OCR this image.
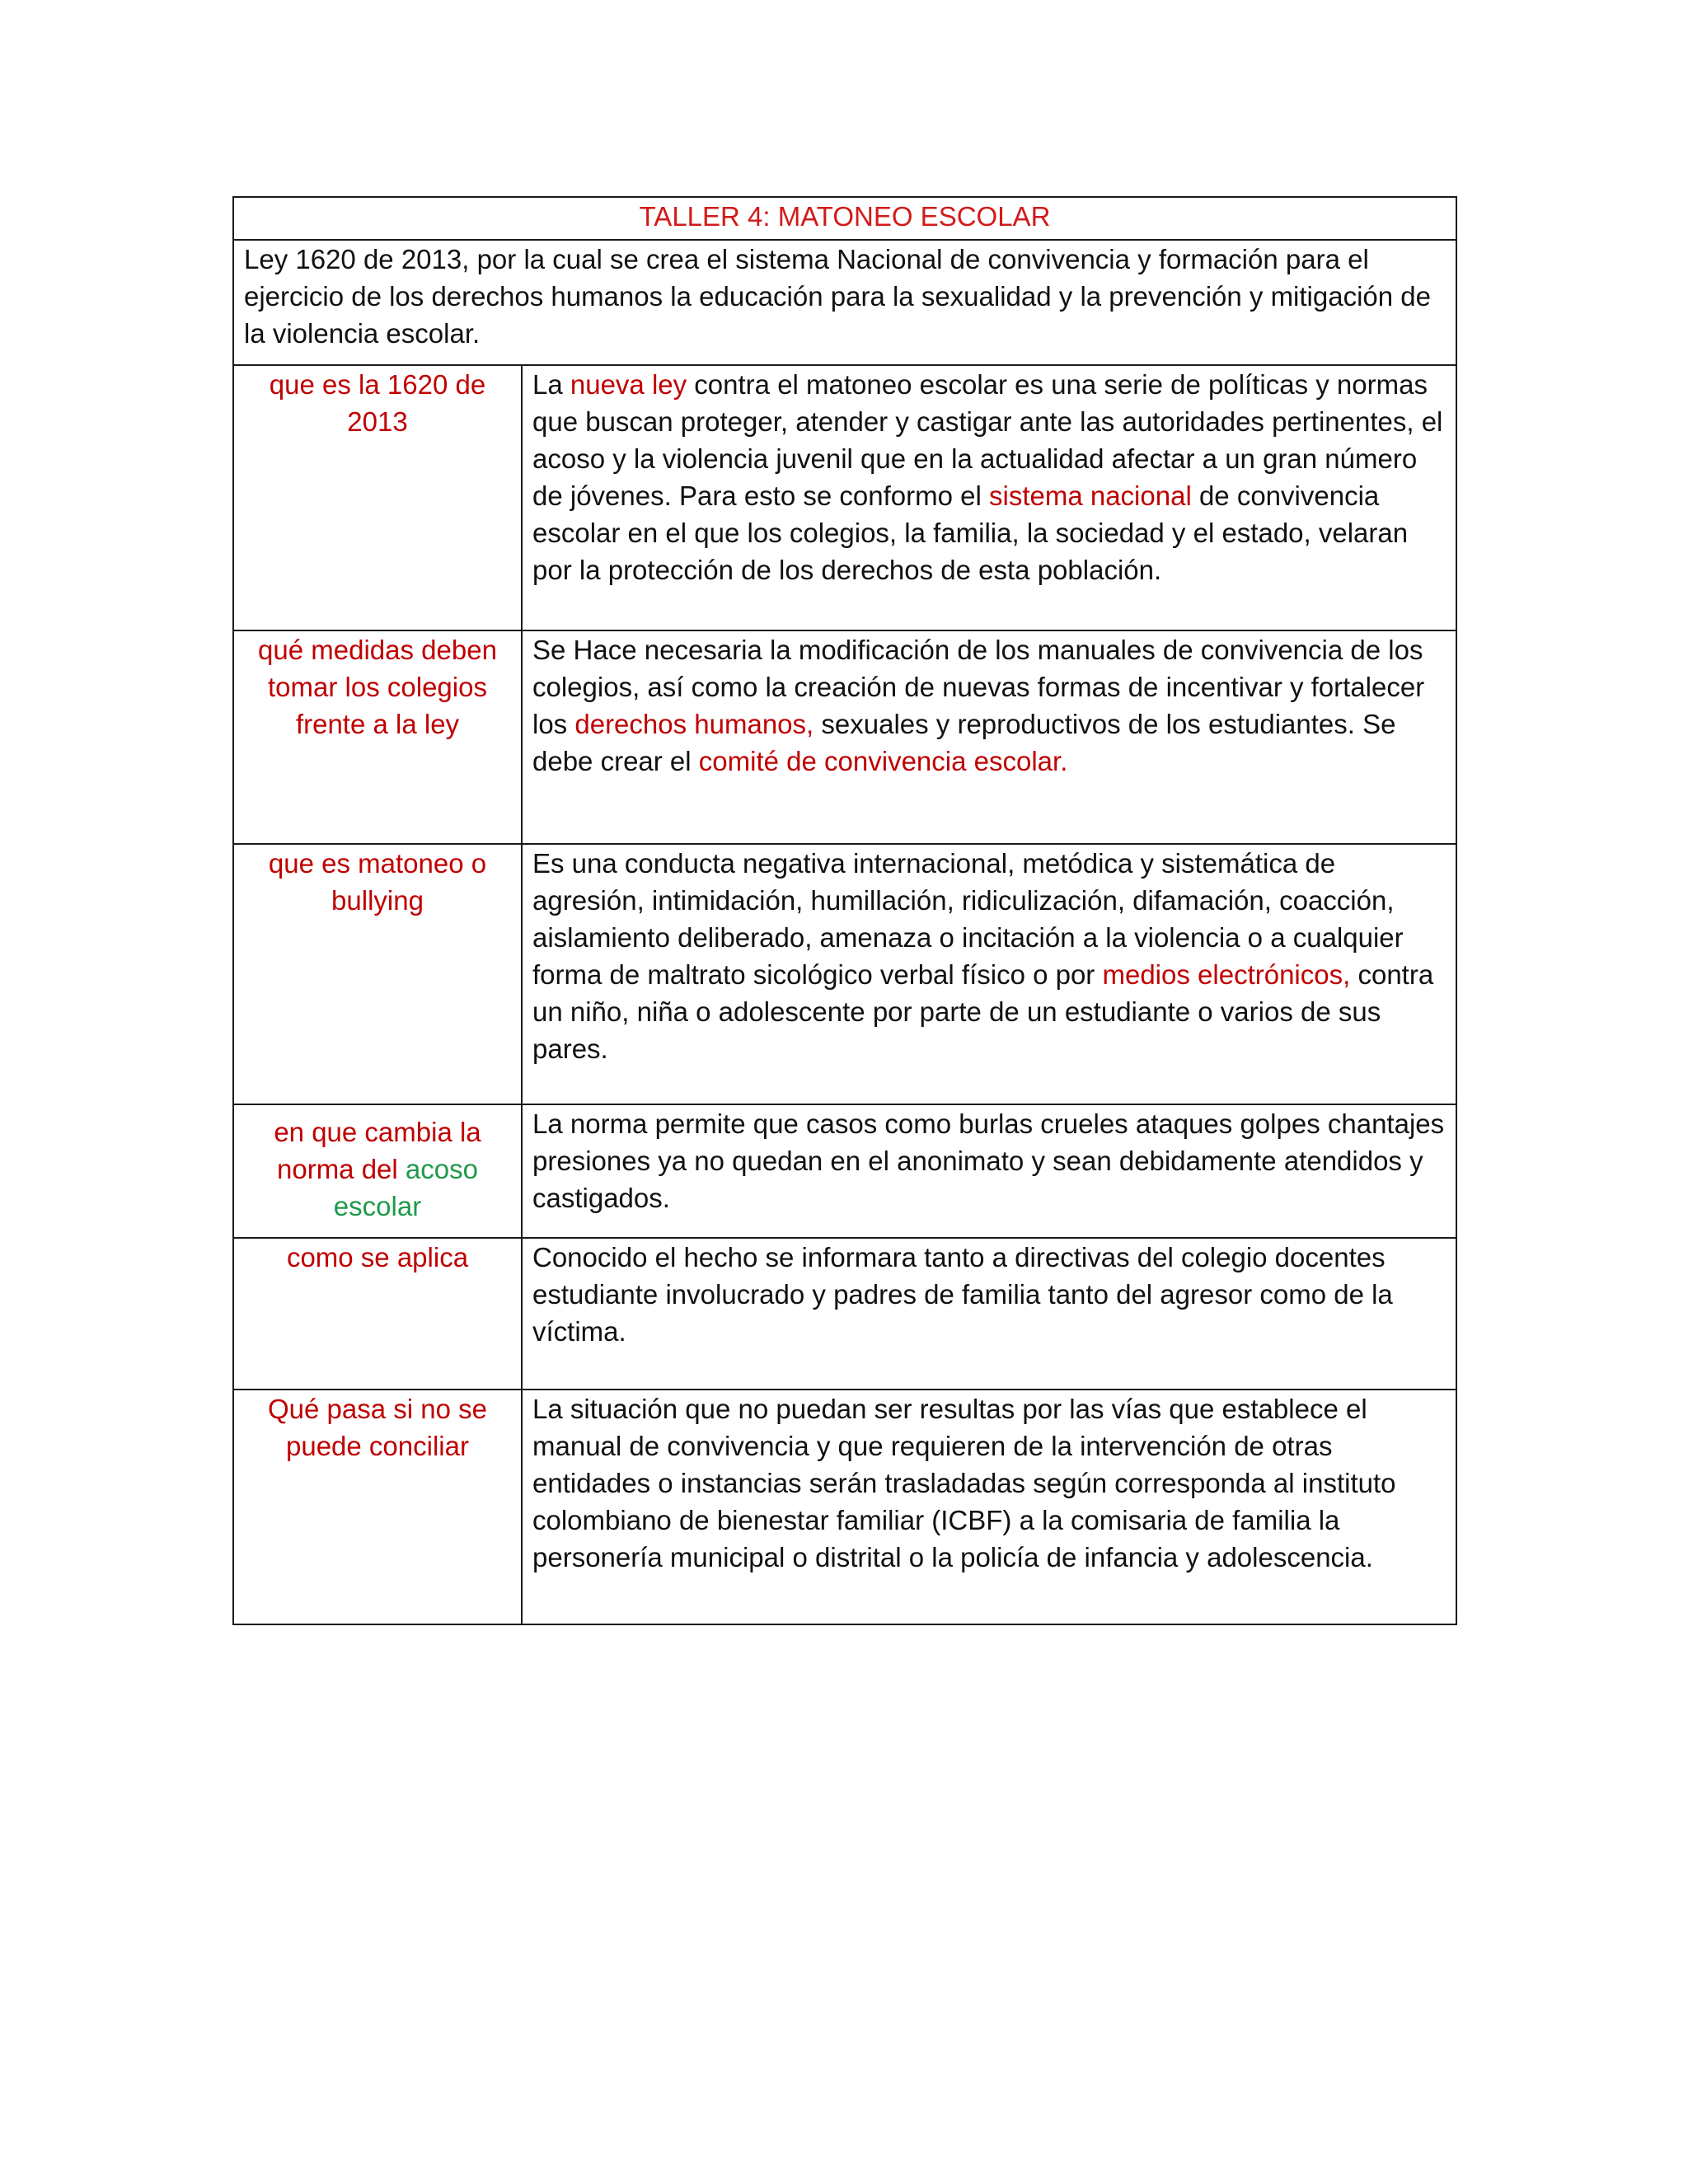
TALLER 4: MATONEO ESCOLAR	
Ley 1620 de 2013, por la cual se crea el sistema Nacional de convivencia y formación para el ejercicio de los derechos humanos la educación para la sexualidad y la prevención y mitigación de la violencia escolar.	
que es la 1620 de 2013	La nueva ley contra el matoneo escolar es una serie de políticas y normas que buscan proteger, atender y castigar ante las autoridades pertinentes, el acoso y la violencia juvenil que en la actualidad afectar a un gran número de jóvenes. Para esto se conformo el sistema nacional de convivencia escolar en el que los colegios, la familia, la sociedad y el estado, velaran por la protección de los derechos de esta población.
qué medidas deben tomar los colegios frente a la ley	Se Hace necesaria la modificación de los manuales de convivencia de los colegios, así como la creación de nuevas formas de incentivar y fortalecer los derechos humanos, sexuales y reproductivos de los estudiantes. Se debe crear el comité de convivencia escolar.
que es matoneo o bullying	Es una conducta negativa internacional, metódica y sistemática de agresión, intimidación, humillación, ridiculización, difamación, coacción, aislamiento deliberado, amenaza o incitación a la violencia o a cualquier forma de maltrato sicológico verbal físico o por medios electrónicos, contra un niño, niña o adolescente por parte de un estudiante o varios de sus pares.
en que cambia la norma del acoso escolar	La norma permite que casos como burlas crueles ataques golpes chantajes presiones ya no quedan en el anonimato y sean debidamente atendidos y castigados.
como se aplica	Conocido el hecho se informara tanto a directivas del colegio docentes estudiante involucrado y padres de familia tanto del agresor como de la víctima.
Qué pasa si no se puede conciliar	La situación que no puedan ser resultas por las vías que establece el manual de convivencia y que requieren de la intervención de otras entidades o instancias serán trasladadas según corresponda al instituto colombiano de bienestar familiar (ICBF) a la comisaria de familia la personería municipal o distrital o la policía de infancia y adolescencia.
